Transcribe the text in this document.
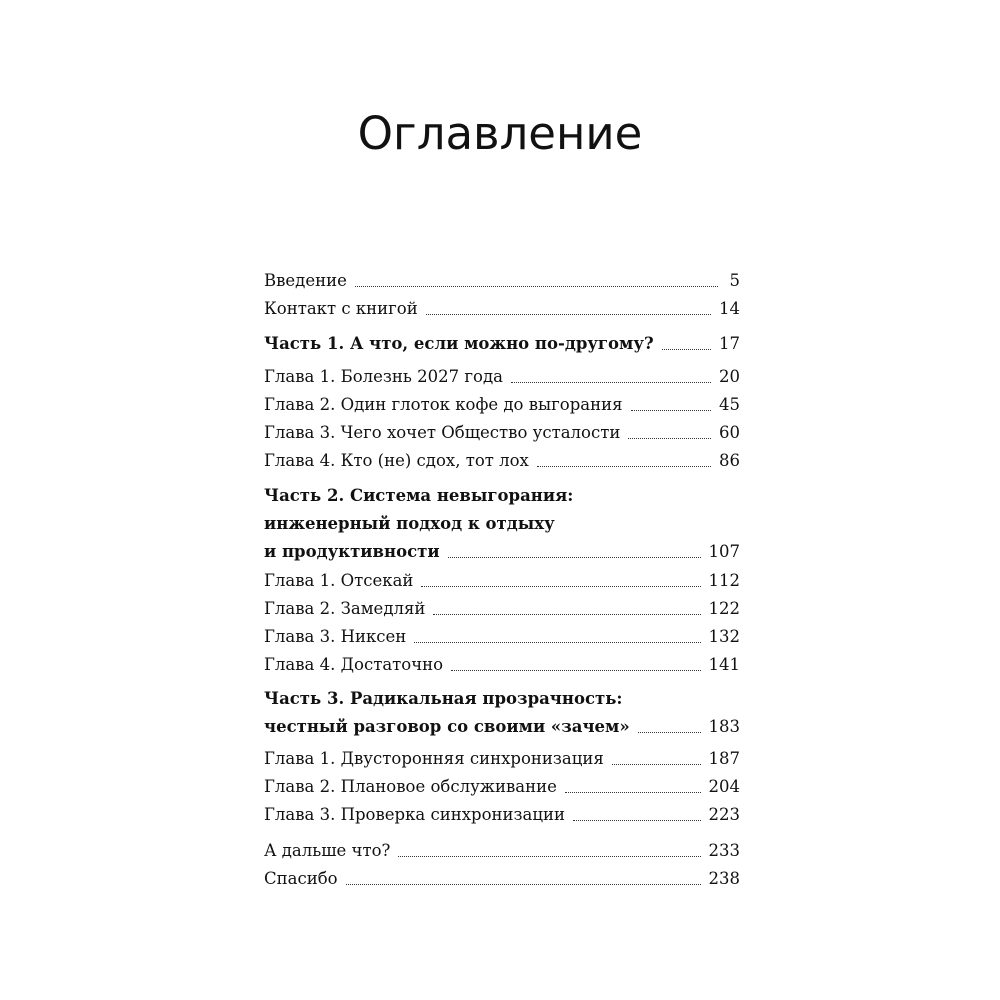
Оглавление
Введение	5
Контакт с книгой	14
Часть 1. А что, если можно по-другому?	17
Глава 1. Болезнь 2027 года	20
Глава 2. Один глоток кофе до выгорания	45
Глава 3. Чего хочет Общество усталости	60
Глава 4. Кто (не) сдох, тот лох	86
Часть 2. Система невыгорания:
инженерный подход к отдыху
и продуктивности	107
Глава 1. Отсекай	112
Глава 2. Замедляй	122
Глава 3. Никсен	132
Глава 4. Достаточно	141
Часть 3. Радикальная прозрачность:
честный разговор со своими «зачем»	183
Глава 1. Двусторонняя синхронизация	187
Глава 2. Плановое обслуживание	204
Глава 3. Проверка синхронизации	223
А дальше что?	233
Спасибо	238
